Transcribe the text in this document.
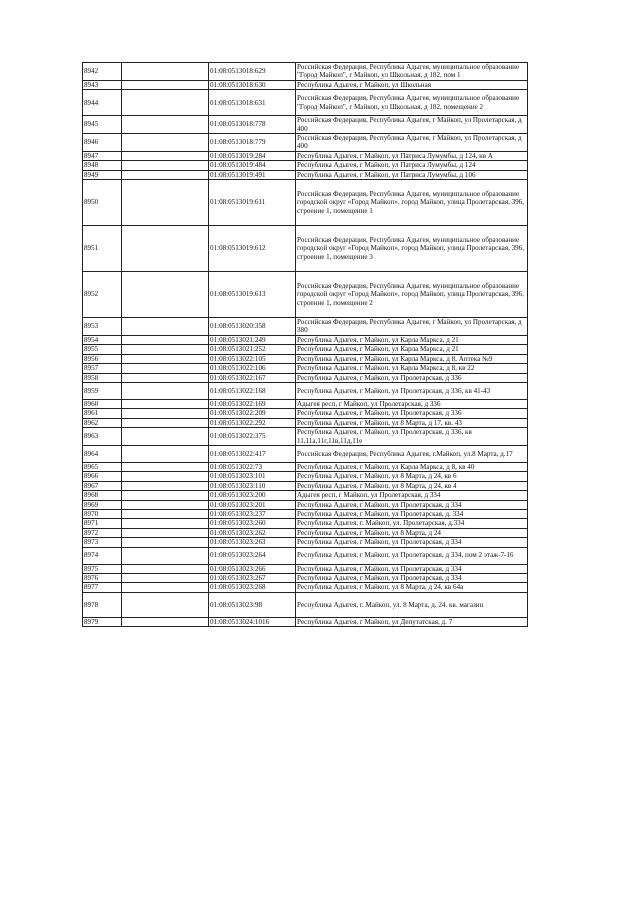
8942		01:08:0513018:629	Российская Федерация, Республика Адыгея, муниципальное образование "Город Майкоп", г Майкоп, ул Школьная, д 182, пом 1
8943		01:08:0513018:630	Республика Адыгея, г Майкоп, ул Школьная
8944		01:08:0513018:631	Российская Федерация, Республика Адыгея, муниципальное образование "Город Майкоп", г Майкоп, ул Школьная, д 182, помещение 2
8945		01:08:0513018:778	Российская Федерация, Республика Адыгея, г Майкоп, ул Пролетарская, д 400
8946		01:08:0513018:779	Российская Федерация, Республика Адыгея, г Майкоп, ул Пролетарская, д 400
8947		01:08:0513019:284	Республика Адыгея, г Майкоп, ул Патриса Лумумбы, д 124, кв А
8948		01:08:0513019:484	Республика Адыгея, г Майкоп, ул Патриса Лумумбы, д 124
8949		01:08:0513019:491	Республика Адыгея, г Майкоп, ул Патриса Лумумбы, д 106
8950		01:08:0513019:611	Российская Федерация, Республика Адыгея, муниципальное образование городской округ «Город Майкоп», город Майкоп, улица Пролетарская, 396, строение 1, помещение 1
8951		01:08:0513019:612	Российская Федерация, Республика Адыгея, муниципальное образование городской округ «Город Майкоп», город Майкоп, улица Пролетарская, 396, строение 1, помещение 3
8952		01:08:0513019:613	Российская Федерация, Республика Адыгея, муниципальное образование городской округ «Город Майкоп», город Майкоп, улица Пролетарская, 396, строение 1, помещение 2
8953		01:08:0513020:358	Российская Федерация, Республика Адыгея, г Майкоп, ул Пролетарская, д 380
8954		01:08:0513021:249	Республика Адыгея, г Майкоп, ул Карла Маркса, д 21
8955		01:08:0513021:252	Республика Адыгея, г Майкоп, ул Карла Маркса, д 21
8956		01:08:0513022:105	Республика Адыгея, г Майкоп, ул Карла Маркса, д 8, Аптека №9
8957		01:08:0513022:106	Республика Адыгея, г Майкоп, ул Карла Маркса, д 8, кв 22
8958		01:08:0513022:167	Республика Адыгея, г Майкоп, ул Пролетарская, д 336
8959		01:08:0513022:168	Республика Адыгея, г Майкоп, ул Пролетарская, д 336, кв 41-43
8960		01:08:0513022:169	Адыгея респ, г Майкоп, ул Пролетарская, д 336
8961		01:08:0513022:209	Республика Адыгея, г Майкоп, ул Пролетарская, д 336
8962		01:08:0513022:292	Республика Адыгея, г Майкоп, ул 8 Марта, д 17, кв. 43
8963		01:08:0513022:375	Республика Адыгея, г Майкоп, ул Пролетарская, д 336, кв 11,11а,11г,11в,11д,11е
8964		01:08:0513022:417	Российская Федерация, Республика Адыгея, г.Майкоп, ул.8 Марта, д.17
8965		01:08:0513022:73	Республика Адыгея, г Майкоп, ул Карла Маркса, д 8, кв 40
8966		01:08:0513023:101	Республика Адыгея, г Майкоп, ул 8 Марта, д 24, кв 6
8967		01:08:0513023:110	Республика Адыгея, г Майкоп, ул 8 Марта, д 24, кв 4
8968		01:08:0513023:200	Адыгея респ, г Майкоп, ул Пролетарская, д 334
8969		01:08:0513023:201	Республика Адыгея, г Майкоп, ул Пролетарская, д 334
8970		01:08:0513023:237	Республика Адыгея, г Майкоп, ул Пролетарская, д. 334
8971		01:08:0513023:260	Республика Адыгея, г. Майкоп, ул. Пролетарская, д.334
8972		01:08:0513023:262	Республика Адыгея, г Майкоп, ул 8 Марта, д 24
8973		01:08:0513023:263	Республика Адыгея, г Майкоп, ул Пролетарская, д 334
8974		01:08:0513023:264	Республика Адыгея, г Майкоп, ул Пролетарская, д 334, пом 2 этаж-7-16
8975		01:08:0513023:266	Республика Адыгея, г Майкоп, ул Пролетарская, д 334
8976		01:08:0513023:267	Республика Адыгея, г Майкоп, ул Пролетарская, д 334
8977		01:08:0513023:268	Республика Адыгея, г Майкоп, ул 8 Марта, д 24, кв 64а
8978		01:08:0513023:98	Республика Адыгея, г. Майкоп, ул. 8 Марта, д. 24. кв. магазин
8979		01:08:0513024:1016	Республика Адыгея, г Майкоп, ул Депутатская, д. 7
